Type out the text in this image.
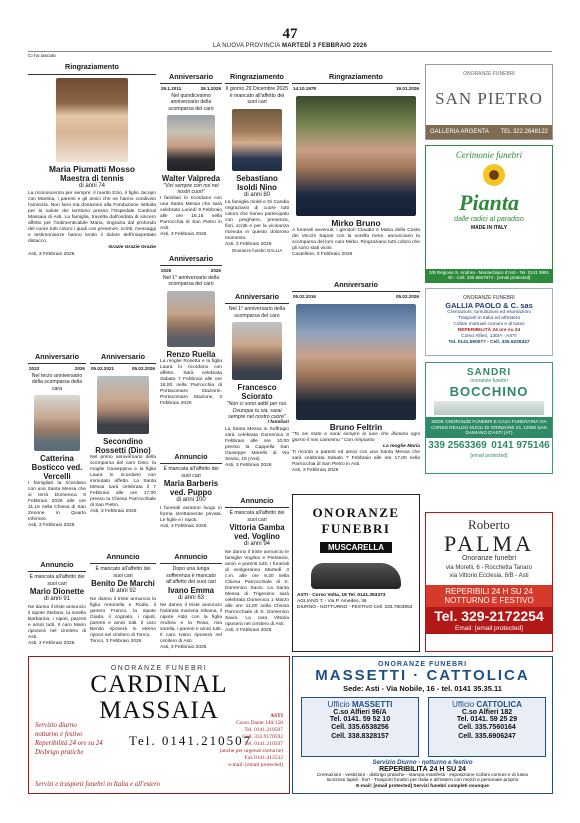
47
LA NUOVA PROVINCIA MARTEDÌ 3 FEBBRAIO 2026
Ci ho lasciati
Ringraziamento
Maria Piumatti Mosso
Maestra di tennis
di anni 74
La riconoscenza per sempre: il marito Ezio, il figlio Jacopo con Martina, i parenti e gli amici che ne hanno condiviso l'amicizia. Non farei ma donazioni alla Fondazione Istituita per la salute dei territorio presso l'Ospedale Cardinal Massaia di Asti. La famiglia, travolta dall'ondata di sincero affetto per l'indimenticabile Maria, ringrazia dal profondo del cuore tutti coloro i quali con presenze, scritti, messaggi e testimonianze hanno lenito il dolore dell'inaspettato distacco.
Grazie Grazie Grazie
Asti, 3 Febbraio 2026
Anniversario
2023	2026
Nel terzo anniversario della scomparsa della cara
Catterina Bosticco ved. Vercelli
I famigliari la ricordano con una Santa Messa che si terrà Domenica 8 Febbraio 2026 alle ore 11,15 nella Chiesa di San Zenone in Quarto Inferiore.
Asti, 3 Febbraio 2026
Annuncio
È mancata all'affetto dei suoi cari
Mario Dionette
di anni 91
Ne danno il triste annuncio il nipote Stefano, la sorella Barbarina, i nipoti, parenti e amici tutti. Il caro Mario riposerà nel cimitero di Asti.
Asti, 3 Febbraio 2026
Anniversario
29.1.2011	29.1.2026
Nel quindicesimo anniversario della scomparsa del caro
Walter Valpreda
"Vivi sempre con noi nei nostri cuori"
I familiari lo ricordano con una Santa Messa che sarà celebrata Lunedì 9 Febbraio alle ore 18,15 nella Parrocchia di San Pietro in Asti.
Asti, 3 Febbraio 2026
Anniversario
2025	2026
Nel 1° anniversario della scomparsa del caro
Renzo Ruella
La moglie Rosetta e la figlia Laura lo ricordano con affetto. Sarà celebrata Sabato 7 Febbraio alle ore 18,00 nella Parrocchia di Portacomaro Stazione. Portacomaro Stazione, 3 Febbraio 2026
Anniversario
05.02.2021	05.02.2026
Secondino Rossetti (Dino)
Nel primo anniversario della scomparsa del caro Dino, la moglie Giuseppina e la figlia Laura lo ricordano con immutato affetto. La Santa Messa sarà celebrata il 7 Febbraio alle ore 17,00 presso la Chiesa Parrocchiale di San Pietro.
Asti, 3 Febbraio 2026
Annuncio
È mancata all'affetto dei suoi cari
Maria Barberis ved. Puppo
di anni 100
I funerali avranno luogo in forma strettamente privata. Le figlie e i nipoti.
Asti, 3 Febbraio 2026
Annuncio
È mancato all'affetto dei suoi cari
Benito De Marchi
di anni 92
Ne danno il triste annuncio la figlia Antonella e Rodio, il genero Franco, la nipote Giada, il cognato, i nipoti, parenti e amici tutti. Il caro Benito riposerà in eterno riposo nel cimitero di Tonco.
Tonco, 3 Febbraio 2026
Annuncio
Dopo una lunga sofferenza è mancato all'affetto dei suoi cari
Ivano Emma
di anni 63
Ne danno il triste annuncio l'adorata mamma Silvana, il nipote Aldo con la figlia Andrea e la Rosa, mia sorella, i parenti e amici tutti. Il caro Ivano riposerà nel cimitero di Asti.
Asti, 3 Febbraio 2026
Ringraziamento
Il giorno 29 Dicembre 2025 è mancato all'affetto dei suoi cari
Sebastiano Isoldi Nino
di anni 80
La famiglia Isoldi e Di Candia ringraziano di cuore tutti coloro che hanno partecipato con preghiere, presenza, fiori, scritti e per la vicinanza ricevuta in questo doloroso momento.
Asti, 3 Febbraio 2026
Onoranze funebri GALLIA
Anniversario
Nel 1° anniversario della scomparsa del caro
Francesco Sciorato
"Non ci sono addii per noi. Ovunque tu sia, sarai sempre nel nostro cuore"
I familiari
La Santa Messa in Suffragio sarà celebrata Domenica 8 Febbraio alle ore 10,00 presso la Cappella San Giuseppe Marello di Via Sevito, 19 (Asti).
Asti, 3 Febbraio 2026
Annuncio
È mancata all'affetto dei suoi cari
Vittoria Gamba ved. Voglino
di anni 94
Ne danno il triste annuncio le famiglie Voglino e Pietanesi, amici e parenti tutti. I funerali di svolgeranno Martedì 3 c.m. alle ore 9,30 nella Chiesa Parrocchiale di S. Domenico Savio. La Santa Messa di Trigesimo sarà celebrata Domenica 1 Marzo alle ore 11,00 nella Chiesa Parrocchiale di S. Domenico Savio. La cara Vittoria riposerà nel cimitero di Asti.
Asti, 3 Febbraio 2026
Ringraziamento
14.10.1978	19.01.2026
Mirko Bruno
A funerali avvenuti, i genitori Claudio e Maria della Costa dei Vecchi Sapori con la sorella Irene, annunciano la scomparsa del loro caro Mirko. Ringraziano tutti coloro che gli sono stati vicini.
Castellere, 3 Febbraio 2026
Anniversario
05.02.2016	05.02.2026
Bruno Feltrin
"Tu sei stato e sarai sempre la luce che illumina ogni giorno il mio cammino." Con rimpianto
La moglie Maria
Ti ricordo a parenti ed amici con una Santa Messa che sarà celebrata Sabato 7 Febbraio alle ore 17,00 nella Parrocchia di San Pietro in Asti.
Asti, 3 Febbraio 2026
ONORANZE FUNEBRI
MUSCARELLA
ASTI - Corso Volta, 18 Tel. 0141.353373
AGLIANO T. - Via P. Amedeo, 36
DIURNO - NOTTURNO - FESTIVO Cell. 333.7803953
ONORANZE FUNEBRI
SAN PIETRO
GALLERIA ARGENTA TEL 322.2648122
Cerimonie funebri
Pianta
dalle radici al paradiso
MADE IN ITALY
2/B Regione S. Andrea - Montechiaro d'Asti - Tel. 0141 9991 40 - Cell. 335 6657974 - [email protected]
ONORANZE FUNEBRI
GALLIA PAOLO & C. sas
Cremazioni, tumulazioni ed esumazioni
Trasporti in Italia ed all'estero
Cofani mortuari comuni e di lusso
REPERIBILITÀ 24 ore su 24
Corso Alfieri, 130/A - ASTI
Tel. 0141.590077 - Cell. 335.6239347
SANDRI
onoranze funebri
BOCCHINO
SEDE ONORANZE FUNEBRI E CASA FUNERARIA VIA CORSO REALDO NUOLI DI GRINZANE 24, 12050 SAN DAMIANO D'ASTI (AT)
339 2563369 0141 975146
[email protected]
Roberto
PALMA
Onoranze funebri
via Morelli, 6 - Rocchetta Tanaro
via Vittorio Ecclesia, 8/B - Asti
REPERIBILI 24 H SU 24
NOTTURNO E FESTIVO
Tel. 329-2172254
Email: [email protected]
ONORANZE FUNEBRI
CARDINAL MASSAIA
Servizio diurno
notturno e festivo
Reperibilità 24 ore su 24
Disbrigo pratiche
Tel. 0141.210507
ASTI
Corso Dante 140/150
Tel. 0141.210507
Cell. 333.9170592
Tel. 0141.210507
(anche per urgenze notturne)
Fax 0141.412532
e-mail: [email protected]
Servizi e trasporti funebri in Italia e all'estero
ONORANZE FUNEBRI
MASSETTI · CATTOLICA
Sede: Asti - Via Nobile, 16 - tel. 0141 35.35.11
Ufficio MASSETTI
C.so Alfieri 96/A
Tel. 0141. 59 52 10
Cell. 335.6538256
Cell. 338.8328157
Ufficio CATTOLICA
C.so Alfieri 182
Tel. 0141. 59 25 29
Cell. 335.7560164
Cell. 335.6906247
Servizio Diurno - notturno e festivo
REPERIBILITÀ 24 H SU 24
Cremazioni - vestizioni - disbrigo pratiche - stampa manifesti - esposizione Cofani comuni e di lusso
Iscrizioni lapidi - fiori - Trasporti funebri per Italia e all'estero con mezzi e personale proprio
E-mail: [email protected] Servizi funebri completi ovunque
